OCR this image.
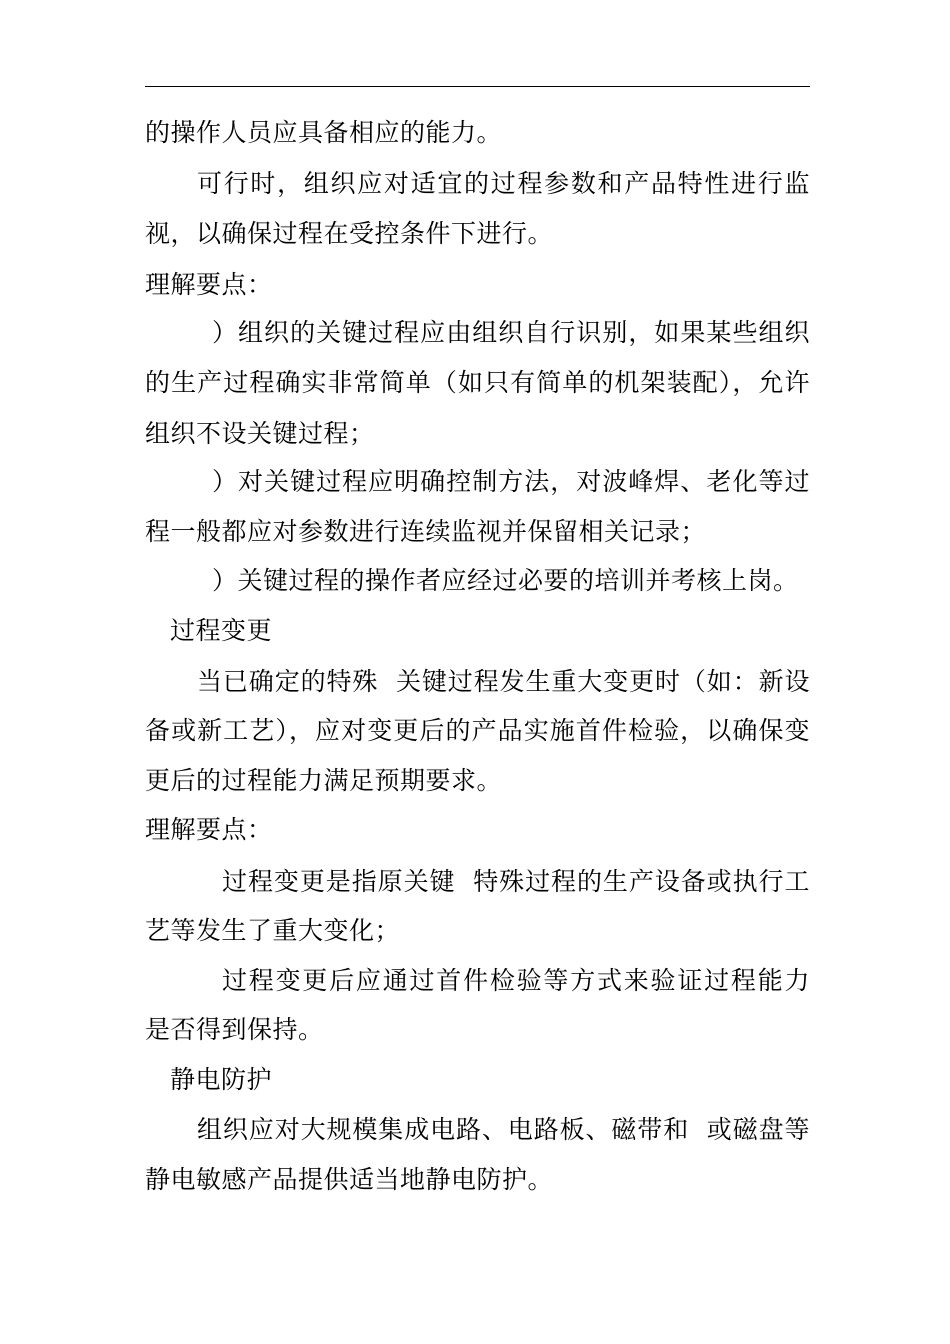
的操作人员应具备相应的能力。
可行时，组织应对适宜的过程参数和产品特性进行监
视，以确保过程在受控条件下进行。
理解要点：
）组织的关键过程应由组织自行识别，如果某些组织
的生产过程确实非常简单（如只有简单的机架装配），允许
组织不设关键过程；
）对关键过程应明确控制方法，对波峰焊、老化等过
程一般都应对参数进行连续监视并保留相关记录；
）关键过程的操作者应经过必要的培训并考核上岗。
过程变更
当已确定的特殊  关键过程发生重大变更时（如：新设
备或新工艺），应对变更后的产品实施首件检验，以确保变
更后的过程能力满足预期要求。
理解要点：
过程变更是指原关键  特殊过程的生产设备或执行工
艺等发生了重大变化；
过程变更后应通过首件检验等方式来验证过程能力
是否得到保持。
静电防护
组织应对大规模集成电路、电路板、磁带和  或磁盘等
静电敏感产品提供适当地静电防护。
